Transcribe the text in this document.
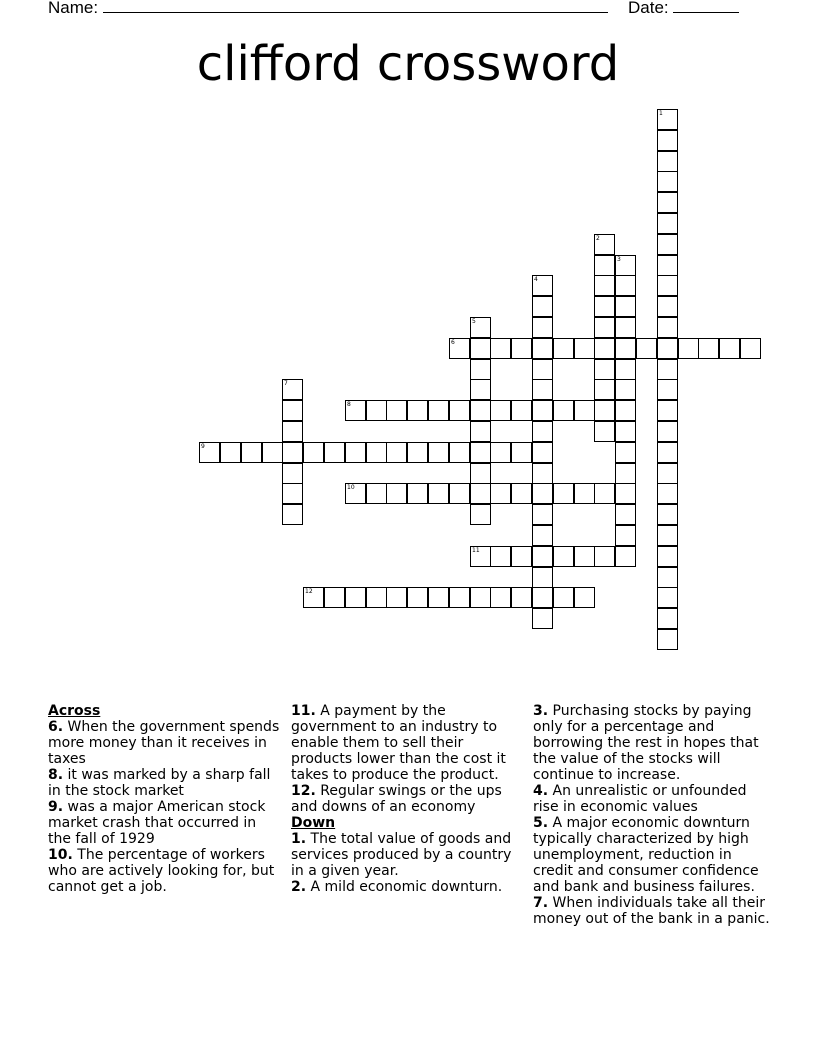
Name:	Date:
clifford crossword
1
2
3
4
5
6
7
8
9
10
11
12
Across
6. When the government spends more money than it receives in taxes
8. it was marked by a sharp fall in the stock market
9. was a major American stock market crash that occurred in the fall of 1929
10. The percentage of workers who are actively looking for, but cannot get a job.
11. A payment by the government to an industry to enable them to sell their products lower than the cost it takes to produce the product.
12. Regular swings or the ups and downs of an economy
Down
1. The total value of goods and services produced by a country in a given year.
2. A mild economic downturn.
3. Purchasing stocks by paying only for a percentage and borrowing the rest in hopes that the value of the stocks will continue to increase.
4. An unrealistic or unfounded rise in economic values
5. A major economic downturn typically characterized by high unemployment, reduction in credit and consumer confidence and bank and business failures.
7. When individuals take all their money out of the bank in a panic.
